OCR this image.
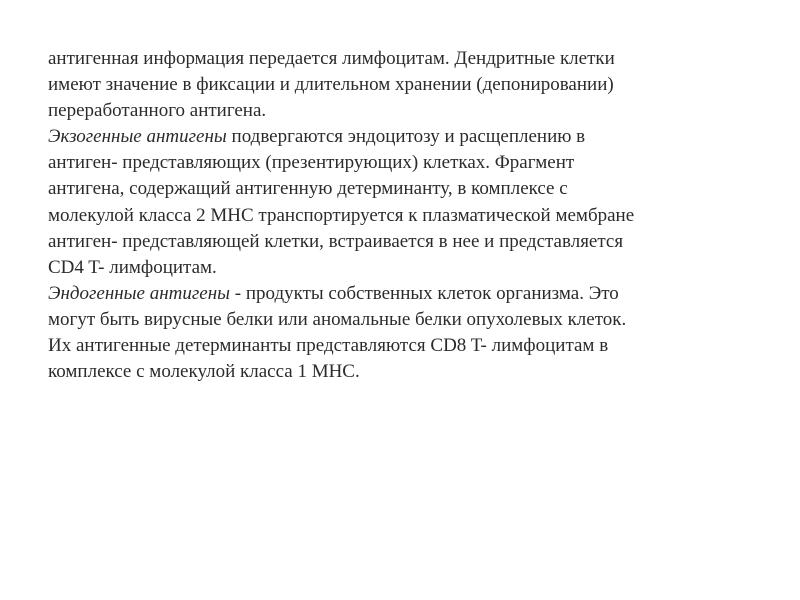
антигенная информация передается лимфоцитам. Дендритные клетки
имеют значение в фиксации и длительном хранении (депонировании)
переработанного антигена.
Экзогенные антигены подвергаются эндоцитозу и расщеплению в
антиген- представляющих (презентирующих) клетках. Фрагмент
антигена, содержащий антигенную детерминанту, в комплексе с
молекулой класса 2 MHC транспортируется к плазматической мембране
антиген- представляющей клетки, встраивается в нее и представляется
CD4 T- лимфоцитам.
Эндогенные антигены - продукты собственных клеток организма. Это
могут быть вирусные белки или аномальные белки опухолевых клеток.
Их антигенные детерминанты представляются CD8 T- лимфоцитам в
комплексе с молекулой класса 1 MHC.
